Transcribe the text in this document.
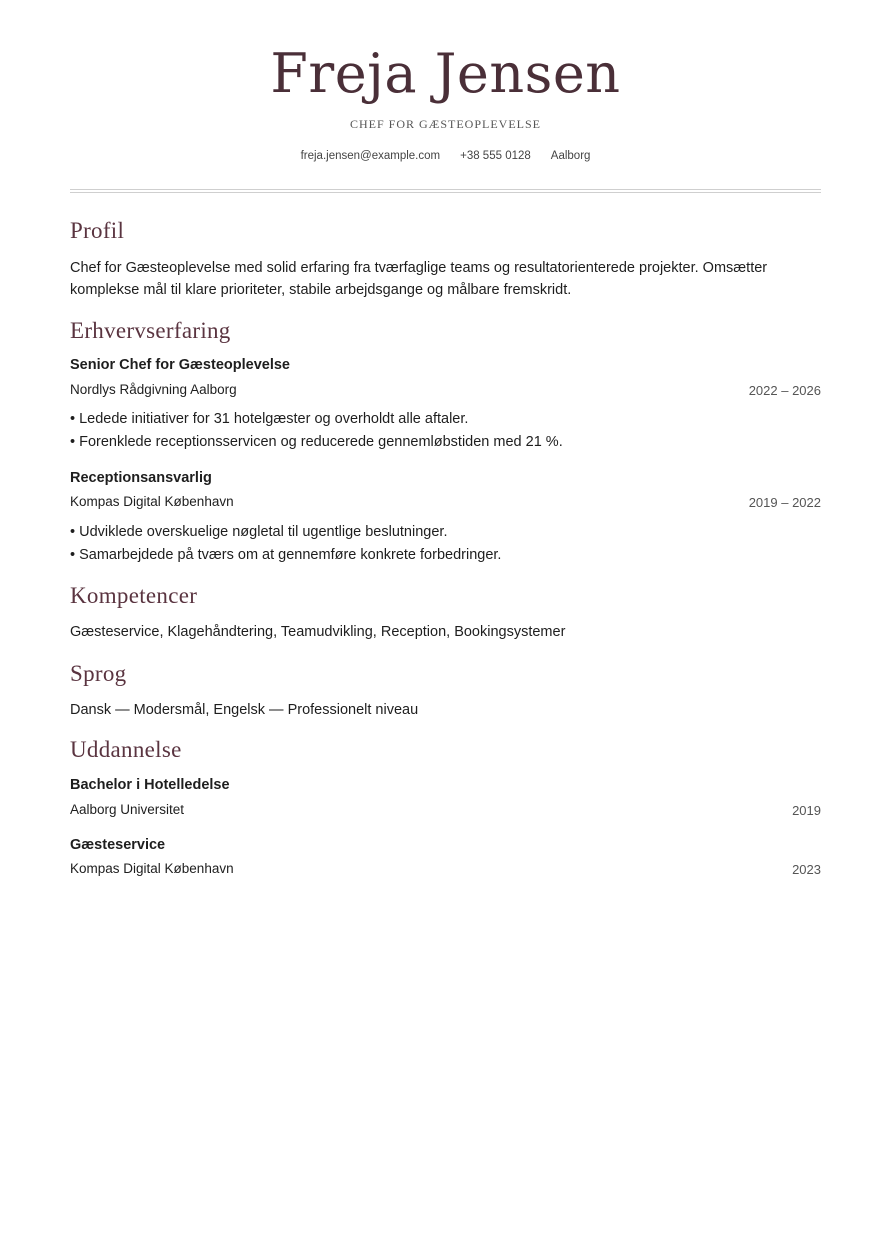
Freja Jensen
CHEF FOR GÆSTEOPLEVELSE
freja.jensen@example.com +38 555 0128 Aalborg
Profil
Chef for Gæsteoplevelse med solid erfaring fra tværfaglige teams og resultatorienterede projekter. Omsætter
komplekse mål til klare prioriteter, stabile arbejdsgange og målbare fremskridt.
Erhvervserfaring
Senior Chef for Gæsteoplevelse
Nordlys Rådgivning Aalborg	2022 – 2026
• Ledede initiativer for 31 hotelgæster og overholdt alle aftaler.
• Forenklede receptionsservicen og reducerede gennemløbstiden med 21 %.
Receptionsansvarlig
Kompas Digital København	2019 – 2022
• Udviklede overskuelige nøgletal til ugentlige beslutninger.
• Samarbejdede på tværs om at gennemføre konkrete forbedringer.
Kompetencer
Gæsteservice, Klagehåndtering, Teamudvikling, Reception, Bookingsystemer
Sprog
Dansk — Modersmål, Engelsk — Professionelt niveau
Uddannelse
Bachelor i Hotelledelse
Aalborg Universitet	2019
Gæsteservice
Kompas Digital København	2023
